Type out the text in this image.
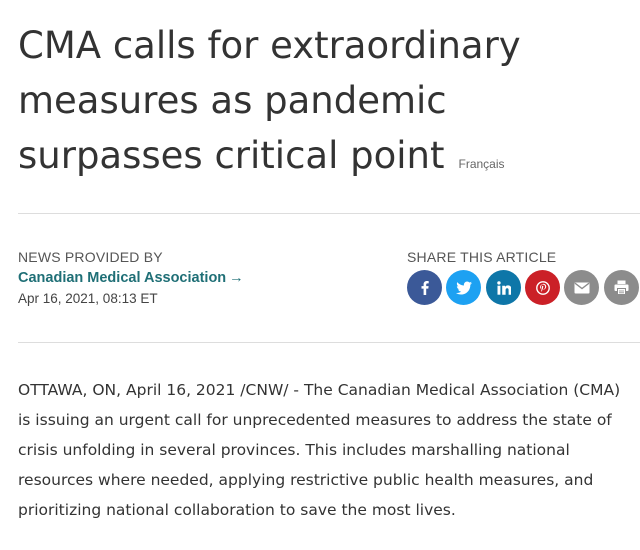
CMA calls for extraordinary measures as pandemic surpasses critical point Français
NEWS PROVIDED BY
Canadian Medical Association →
Apr 16, 2021, 08:13 ET
SHARE THIS ARTICLE

OTTAWA, ON, April 16, 2021 /CNW/ - The Canadian Medical Association (CMA) is issuing an urgent call for unprecedented measures to address the state of crisis unfolding in several provinces. This includes marshalling national resources where needed, applying restrictive public health measures, and prioritizing national collaboration to save the most lives.
